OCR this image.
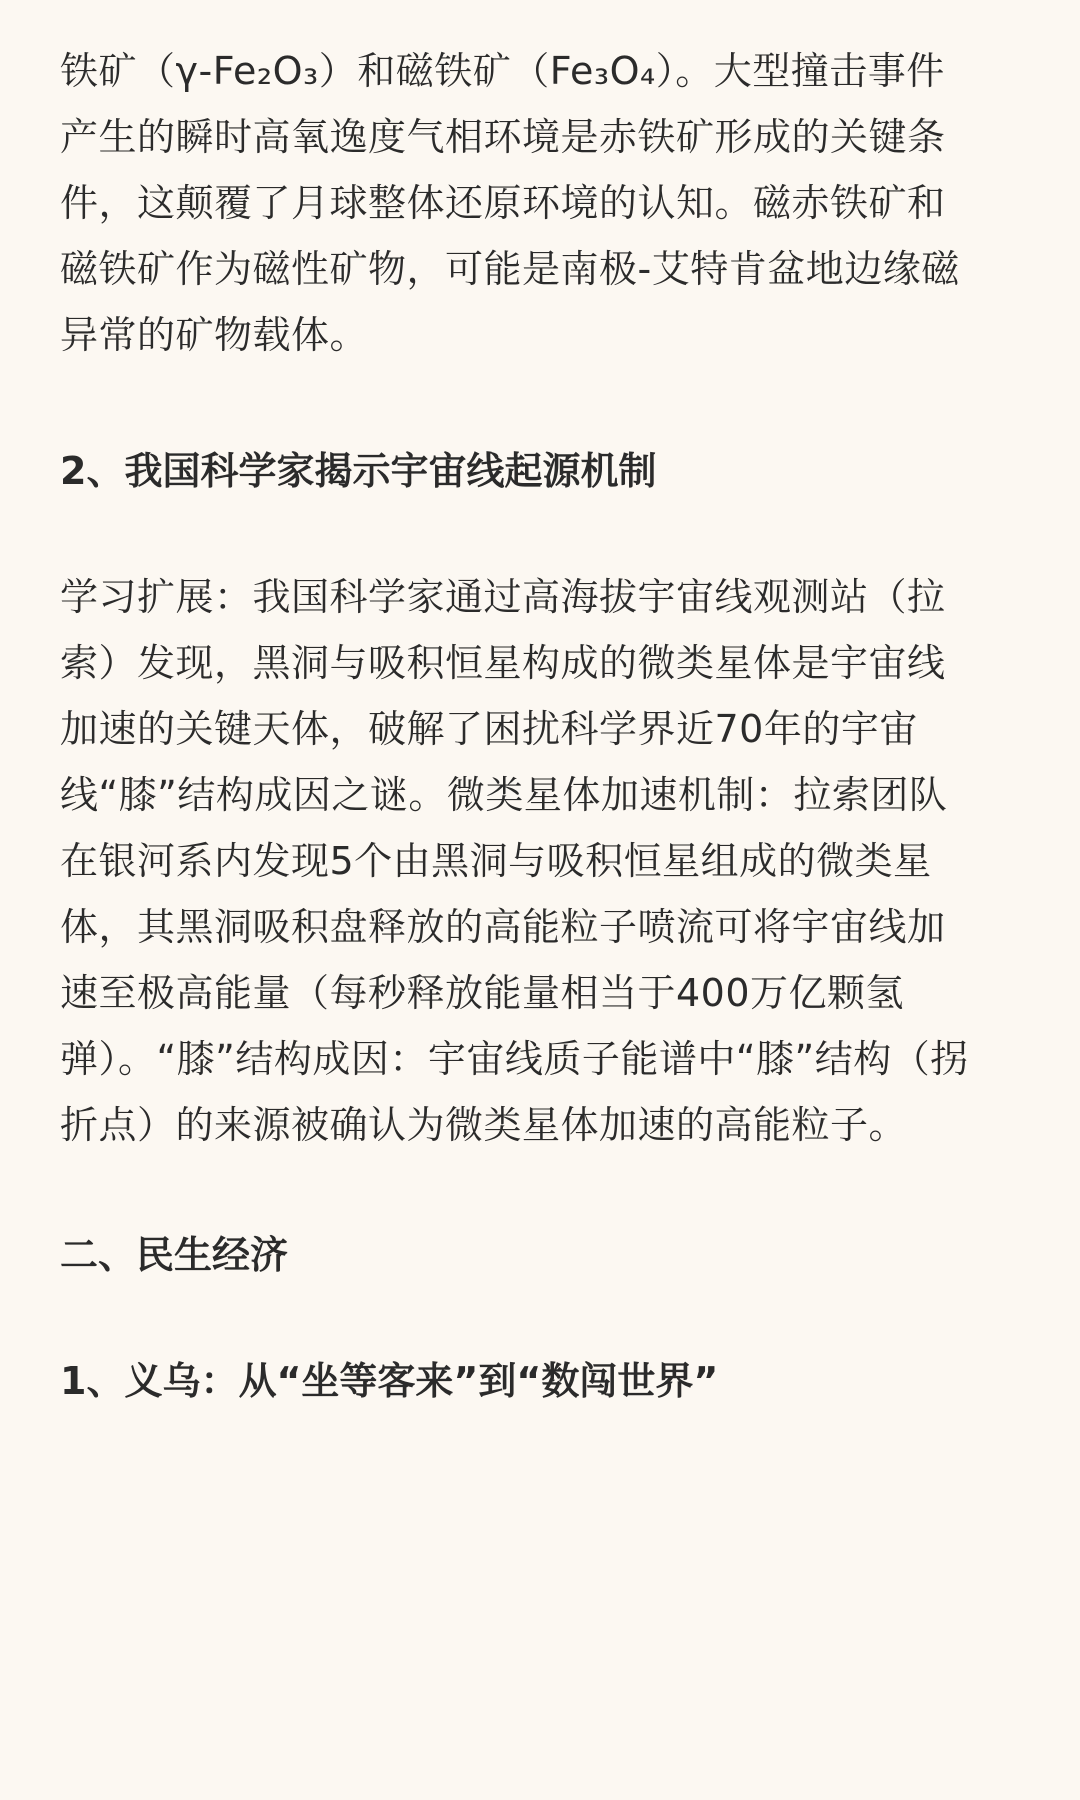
铁矿（γ-Fe₂O₃）和磁铁矿（Fe₃O₄）。大型撞击事件
产生的瞬时高氧逸度气相环境是赤铁矿形成的关键条
件，这颠覆了月球整体还原环境的认知。磁赤铁矿和
磁铁矿作为磁性矿物，可能是南极-艾特肯盆地边缘磁
异常的矿物载体。

2、我国科学家揭示宇宙线起源机制

学习扩展：我国科学家通过高海拔宇宙线观测站（拉
索）发现，黑洞与吸积恒星构成的微类星体是宇宙线
加速的关键天体，破解了困扰科学界近70年的宇宙
线“膝”结构成因之谜。微类星体加速机制：拉索团队
在银河系内发现5个由黑洞与吸积恒星组成的微类星
体，其黑洞吸积盘释放的高能粒子喷流可将宇宙线加
速至极高能量（每秒释放能量相当于400万亿颗氢
弹）。“膝”结构成因：宇宙线质子能谱中“膝”结构（拐
折点）的来源被确认为微类星体加速的高能粒子。

二、民生经济
1、义乌：从“坐等客来”到“数闯世界”
